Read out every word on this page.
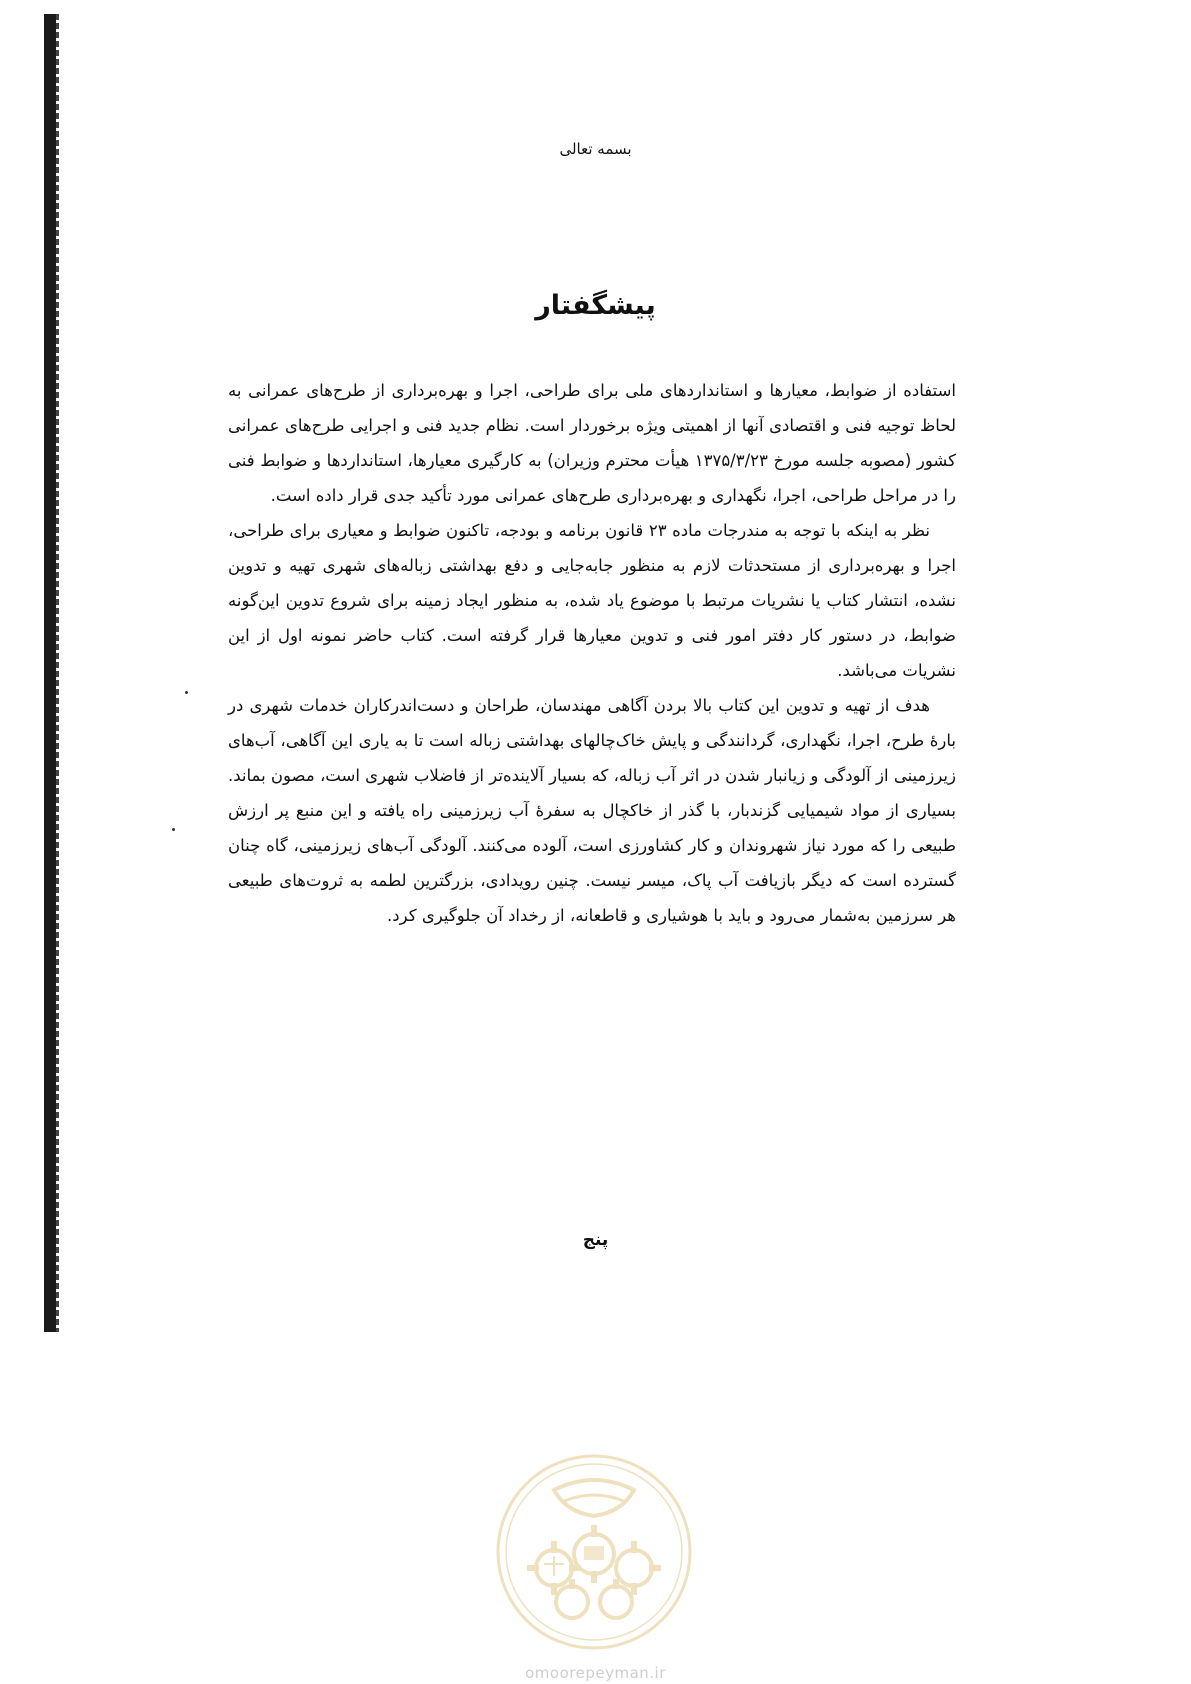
بسمه تعالی
پیشگفتار

استفاده از ضوابط، معیارها و استانداردهای ملی برای طراحی، اجرا و بهره‌برداری از طرح‌های عمرانی به لحاظ توجیه فنی و اقتصادی آنها از اهمیتی ویژه برخوردار است. نظام جدید فنی و اجرایی طرح‌های عمرانی کشور (مصوبه جلسه مورخ ۱۳۷۵/۳/۲۳ هیأت محترم وزیران) به کارگیری معیارها، استانداردها و ضوابط فنی را در مراحل طراحی، اجرا، نگهداری و بهره‌برداری طرح‌های عمرانی مورد تأکید جدی قرار داده است.

نظر به اینکه با توجه به مندرجات ماده ۲۳ قانون برنامه و بودجه، تاکنون ضوابط و معیاری برای طراحی، اجرا و بهره‌برداری از مستحدثات لازم به منظور جابه‌جایی و دفع بهداشتی زباله‌های شهری تهیه و تدوین نشده، انتشار کتاب یا نشریات مرتبط با موضوع یاد شده، به منظور ایجاد زمینه برای شروع تدوین این‌گونه ضوابط، در دستور کار دفتر امور فنی و تدوین معیارها قرار گرفته است. کتاب حاضر نمونه اول از این نشریات می‌باشد.

هدف از تهیه و تدوین این کتاب بالا بردن آگاهی مهندسان، طراحان و دست‌اندرکاران خدمات شهری در بارهٔ طرح، اجرا، نگهداری، گردانندگی و پایش خاک‌چالهای بهداشتی زباله است تا به یاری این آگاهی، آب‌های زیرزمینی از آلودگی و زیانبار شدن در اثر آب زباله، که بسیار آلاینده‌تر از فاضلاب شهری است، مصون بماند. بسیاری از مواد شیمیایی گزندبار، با گذر از خاکچال به سفرهٔ آب زیرزمینی راه یافته و این منبع پر ارزش طبیعی را که مورد نیاز شهروندان و کار کشاورزی است، آلوده می‌کنند. آلودگی آب‌های زیرزمینی، گاه چنان گسترده است که دیگر بازیافت آب پاک، میسر نیست. چنین رویدادی، بزرگترین لطمه به ثروت‌های طبیعی هر سرزمین به‌شمار می‌رود و باید با هوشیاری و قاطعانه، از رخداد آن جلوگیری کرد.

پنج
omoorepeyman.ir
